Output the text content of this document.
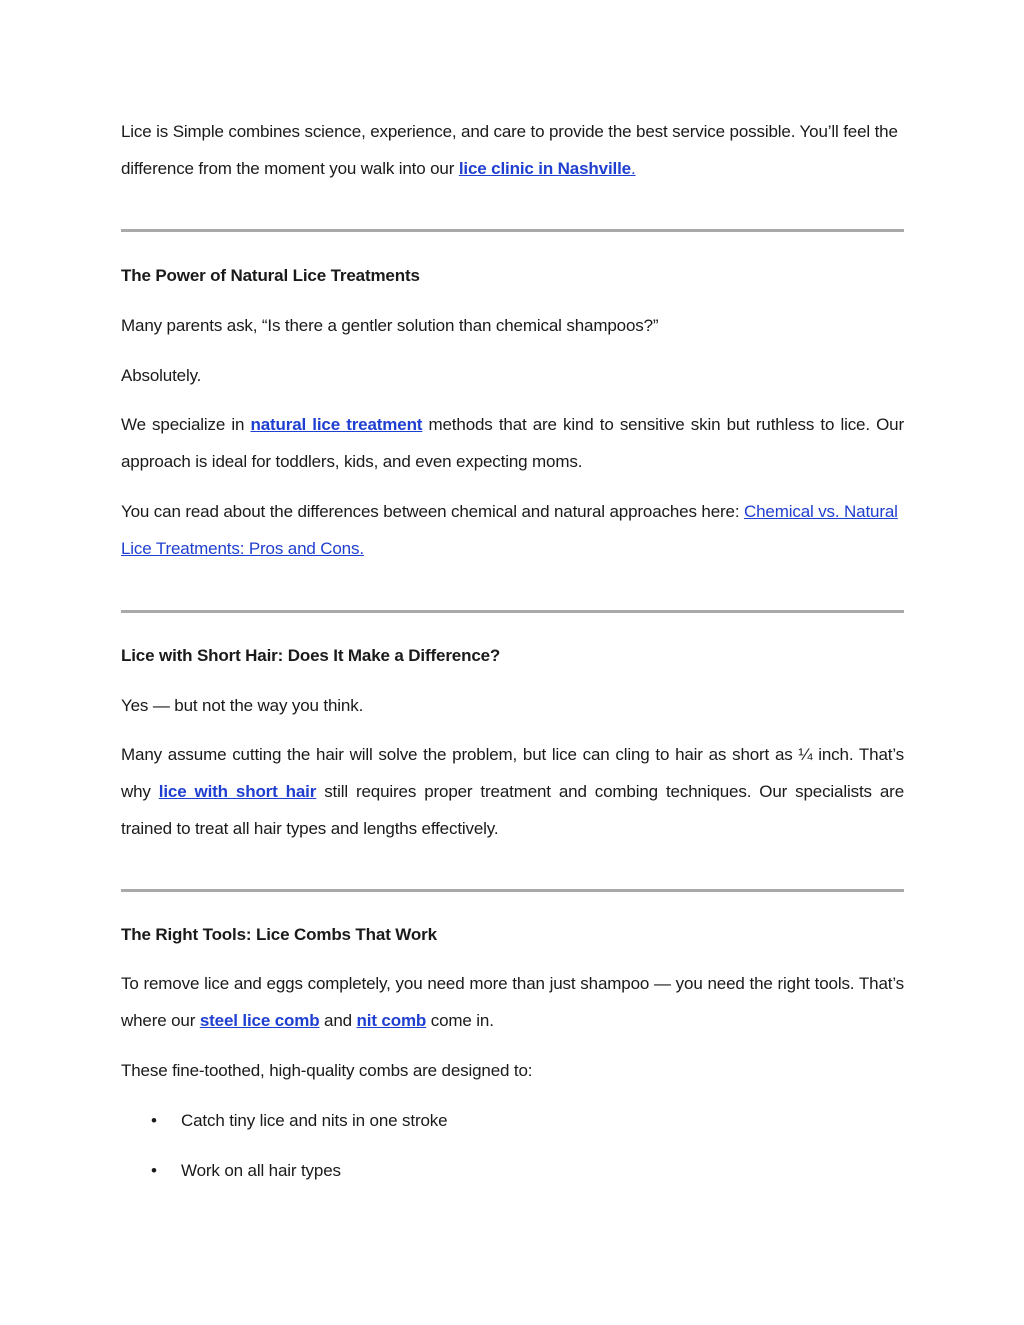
Lice is Simple combines science, experience, and care to provide the best service possible. You’ll feel the difference from the moment you walk into our lice clinic in Nashville.

The Power of Natural Lice Treatments

Many parents ask, “Is there a gentler solution than chemical shampoos?”

Absolutely.

We specialize in natural lice treatment methods that are kind to sensitive skin but ruthless to lice. Our approach is ideal for toddlers, kids, and even expecting moms.

You can read about the differences between chemical and natural approaches here: Chemical vs. Natural Lice Treatments: Pros and Cons.

Lice with Short Hair: Does It Make a Difference?

Yes — but not the way you think.

Many assume cutting the hair will solve the problem, but lice can cling to hair as short as ¼ inch. That’s why lice with short hair still requires proper treatment and combing techniques. Our specialists are trained to treat all hair types and lengths effectively.

The Right Tools: Lice Combs That Work

To remove lice and eggs completely, you need more than just shampoo — you need the right tools. That’s where our steel lice comb and nit comb come in.

These fine-toothed, high-quality combs are designed to:

• Catch tiny lice and nits in one stroke
• Work on all hair types
